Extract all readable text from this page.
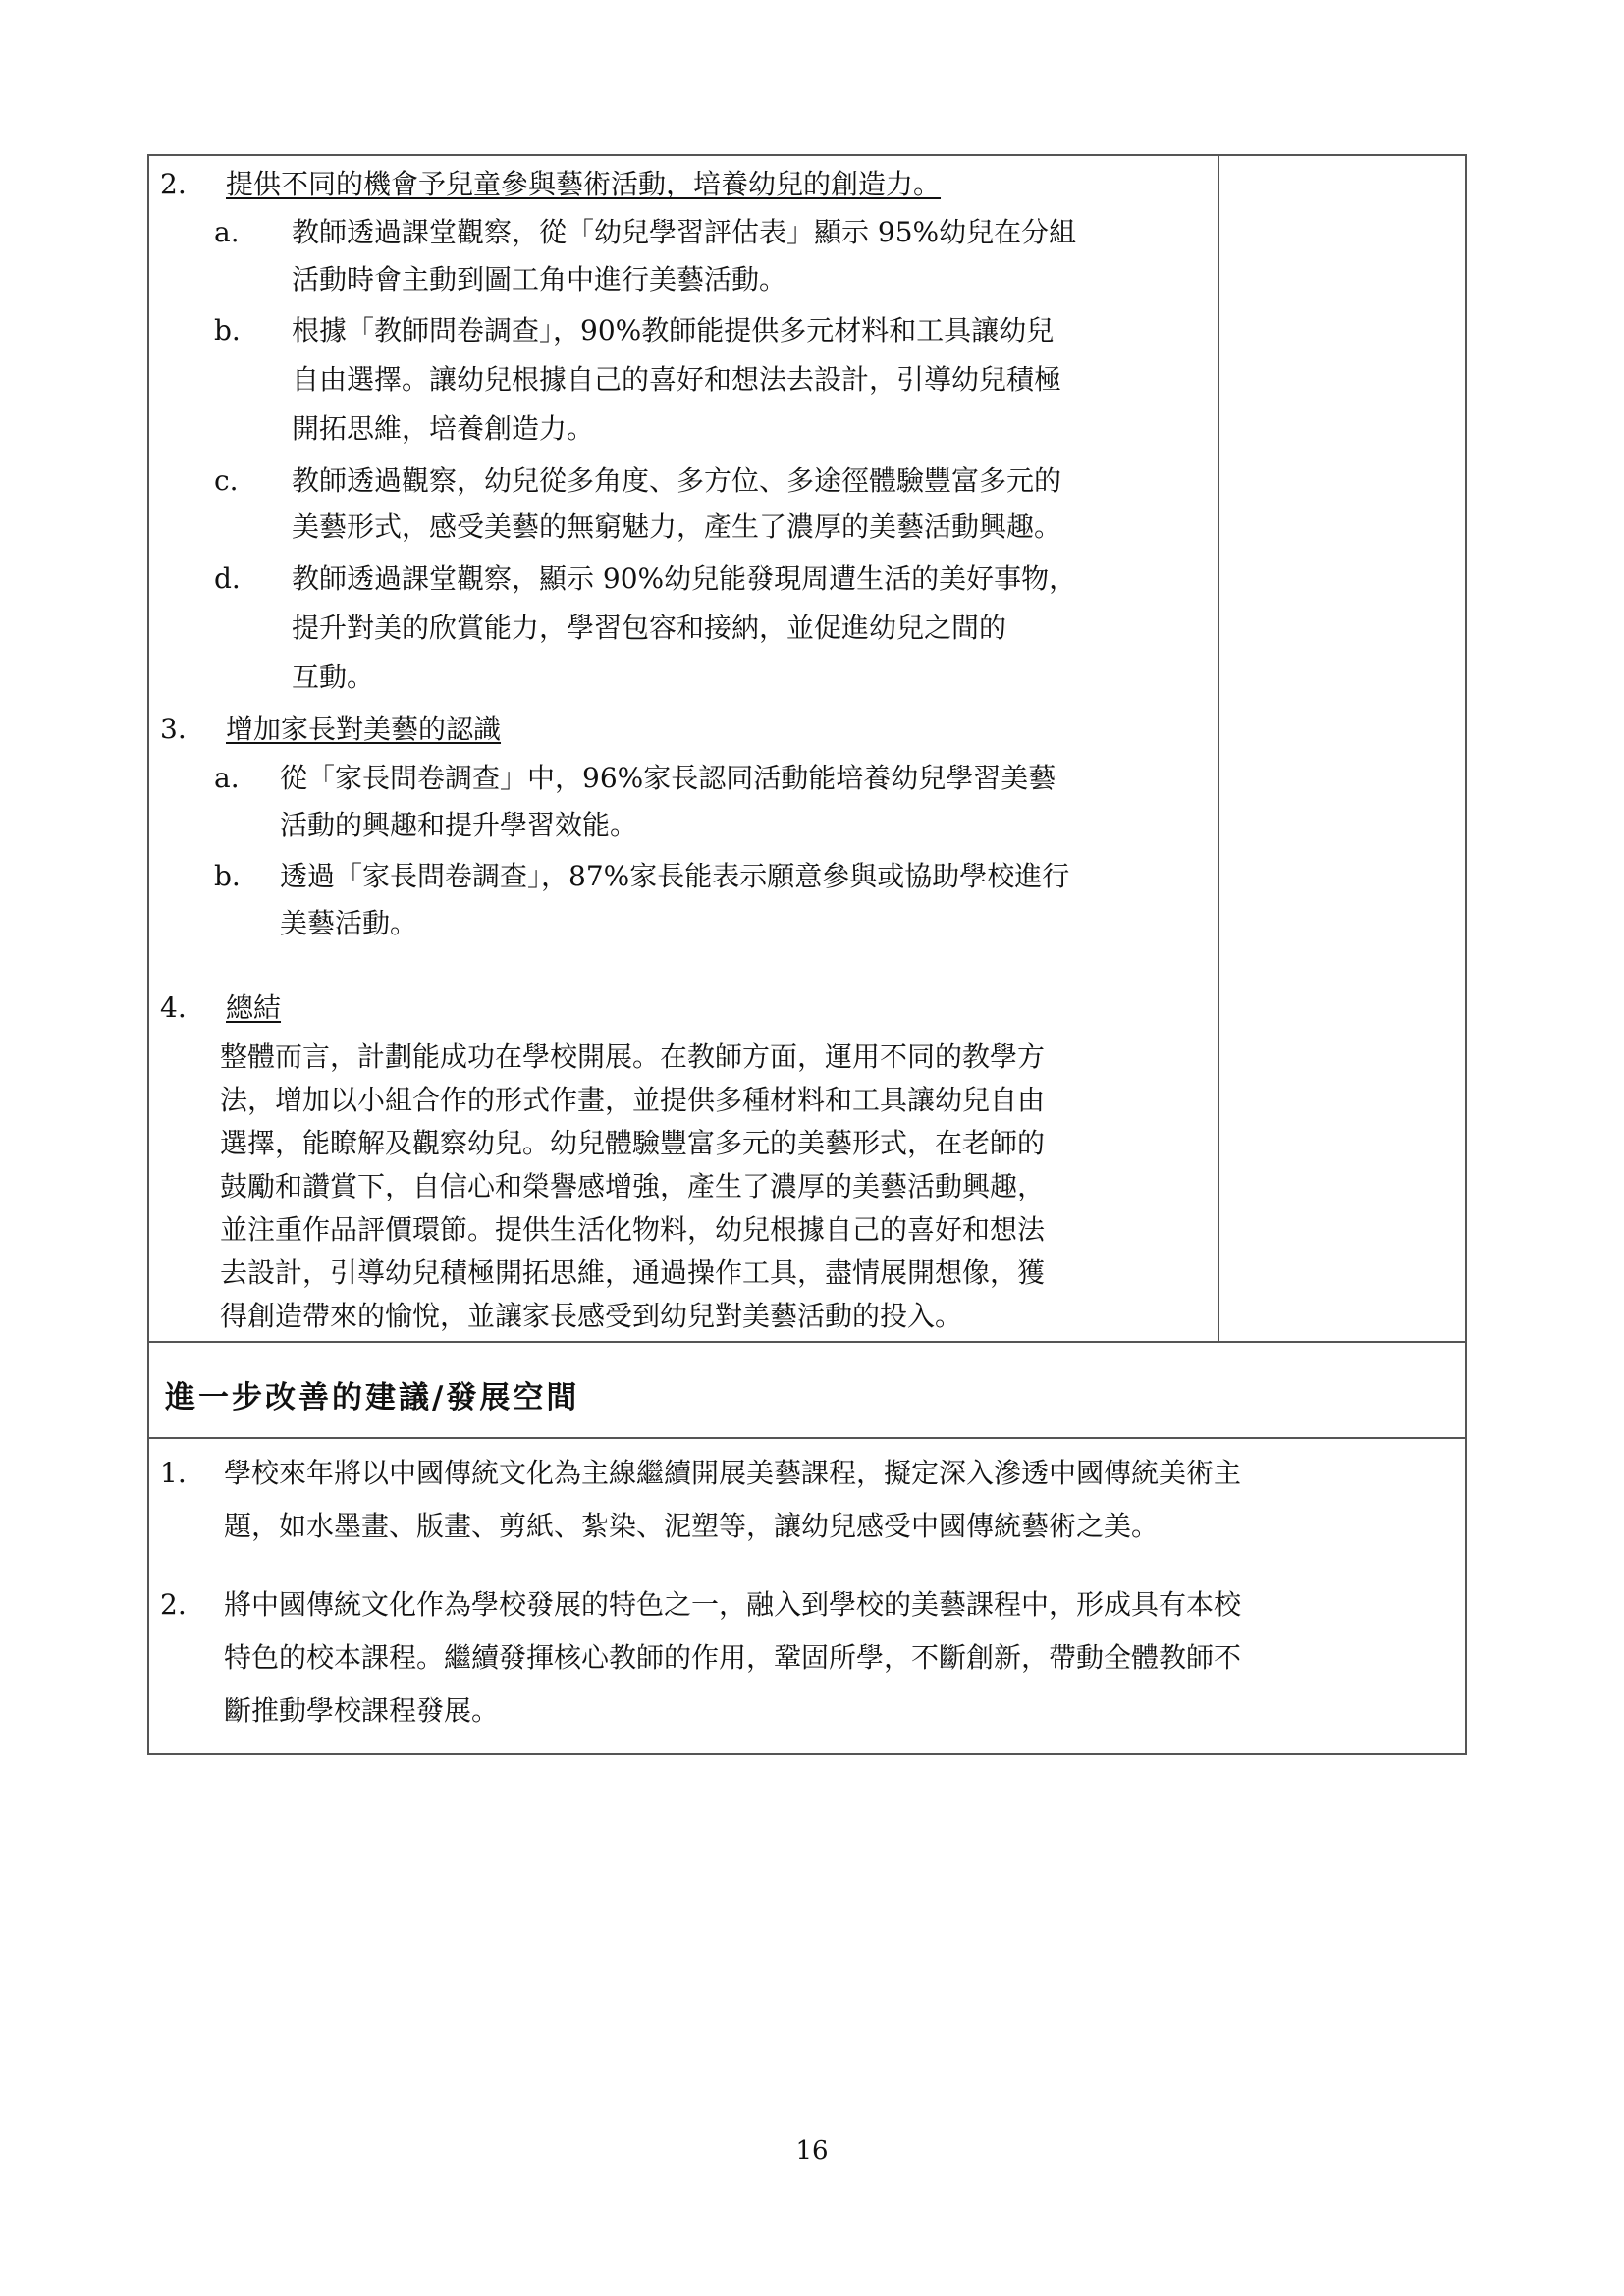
2. 提供不同的機會予兒童參與藝術活動，培養幼兒的創造力。
a. 教師透過課堂觀察，從「幼兒學習評估表」顯示 95%幼兒在分組
活動時會主動到圖工角中進行美藝活動。
b. 根據「教師問卷調查」，90%教師能提供多元材料和工具讓幼兒
自由選擇。讓幼兒根據自己的喜好和想法去設計，引導幼兒積極
開拓思維，培養創造力。
c. 教師透過觀察，幼兒從多角度、多方位、多途徑體驗豐富多元的
美藝形式，感受美藝的無窮魅力，產生了濃厚的美藝活動興趣。
d. 教師透過課堂觀察，顯示 90%幼兒能發現周遭生活的美好事物，
提升對美的欣賞能力，學習包容和接納，並促進幼兒之間的
互動。
3. 增加家長對美藝的認識
a. 從「家長問卷調查」中，96%家長認同活動能培養幼兒學習美藝
活動的興趣和提升學習效能。
b. 透過「家長問卷調查」，87%家長能表示願意參與或協助學校進行
美藝活動。
4. 總結
整體而言，計劃能成功在學校開展。在教師方面，運用不同的教學方
法，增加以小組合作的形式作畫，並提供多種材料和工具讓幼兒自由
選擇，能瞭解及觀察幼兒。幼兒體驗豐富多元的美藝形式，在老師的
鼓勵和讚賞下，自信心和榮譽感增強，產生了濃厚的美藝活動興趣，
並注重作品評價環節。提供生活化物料，幼兒根據自己的喜好和想法
去設計，引導幼兒積極開拓思維，通過操作工具，盡情展開想像，獲
得創造帶來的愉悅，並讓家長感受到幼兒對美藝活動的投入。
進一步改善的建議/發展空間
1. 學校來年將以中國傳統文化為主線繼續開展美藝課程，擬定深入滲透中國傳統美術主
題，如水墨畫、版畫、剪紙、紮染、泥塑等，讓幼兒感受中國傳統藝術之美。
2. 將中國傳統文化作為學校發展的特色之一，融入到學校的美藝課程中，形成具有本校
特色的校本課程。繼續發揮核心教師的作用，鞏固所學，不斷創新，帶動全體教師不
斷推動學校課程發展。
16
